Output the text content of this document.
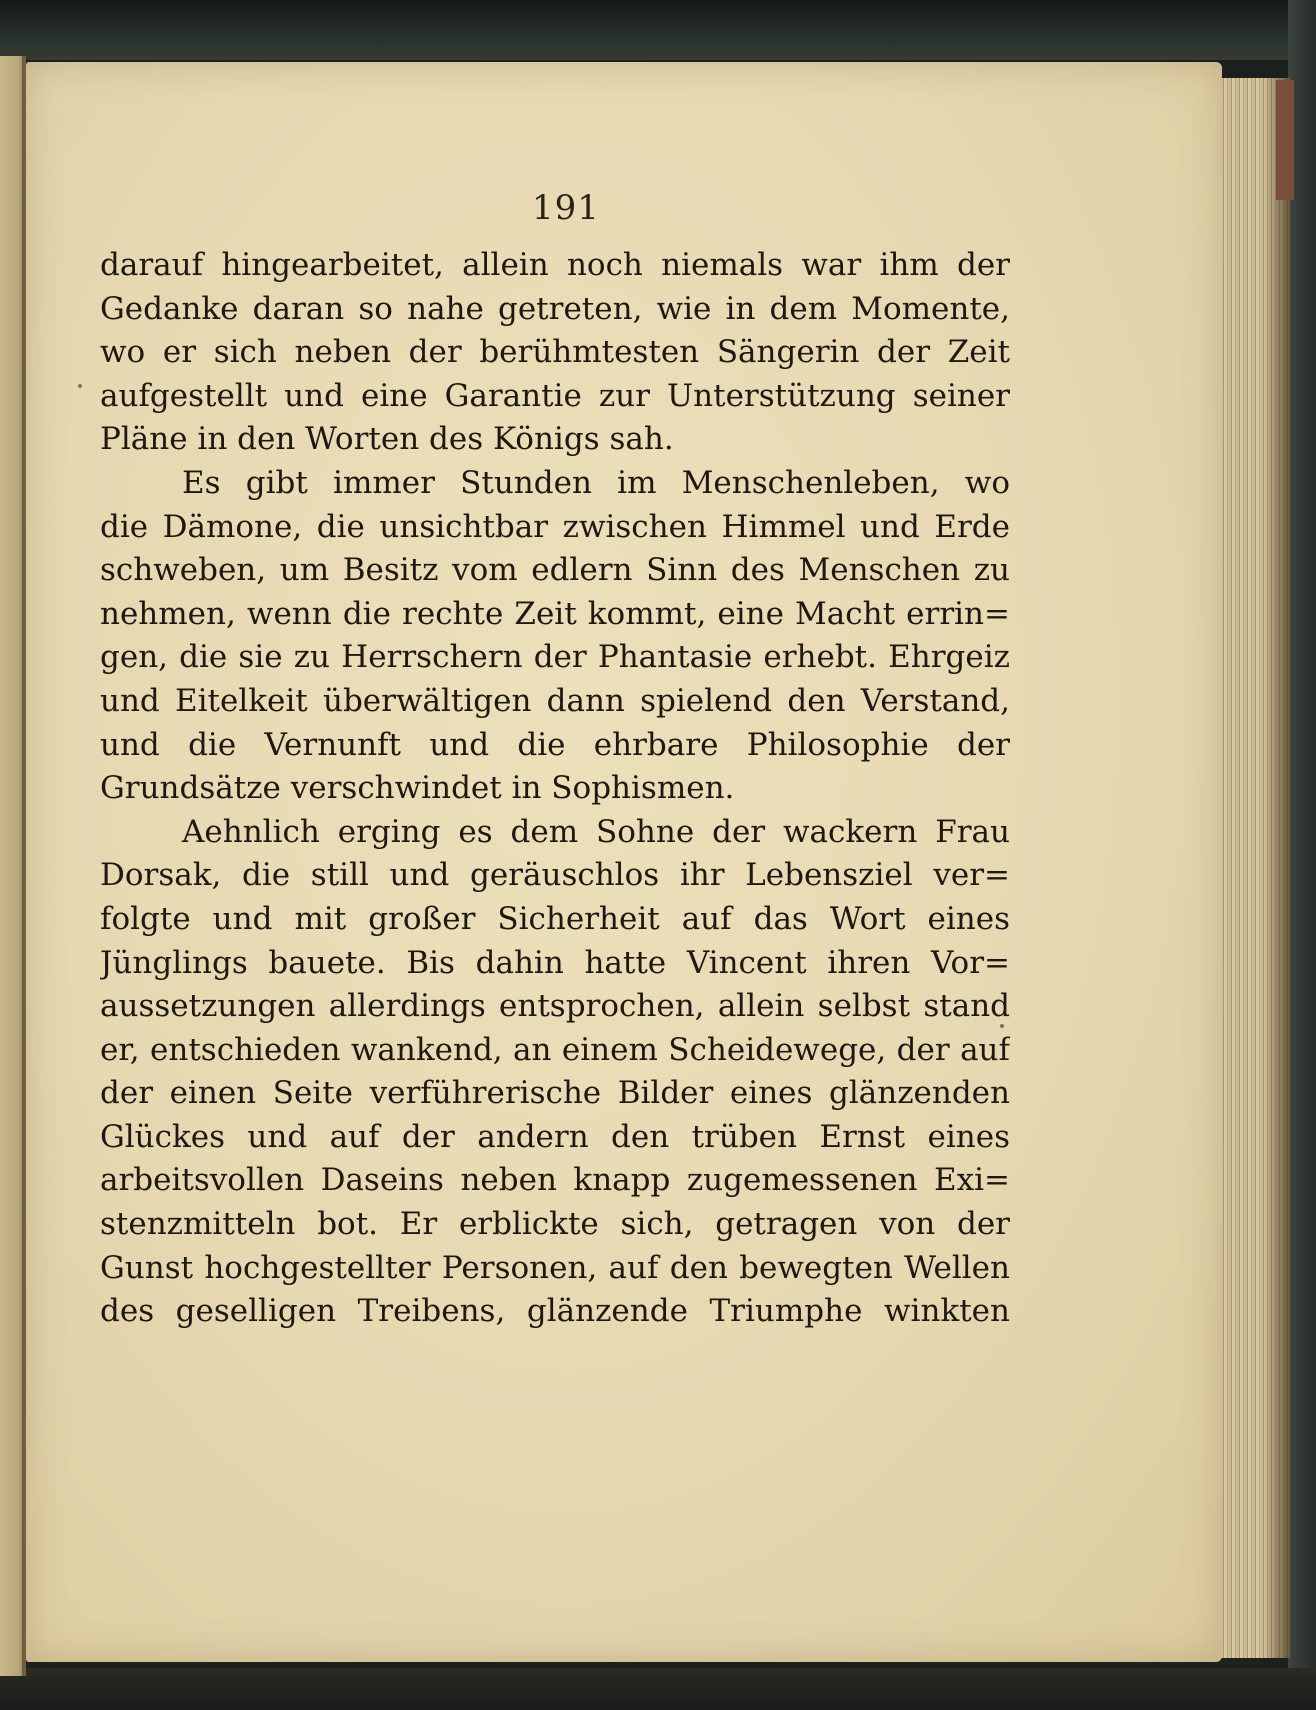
191
darauf hingearbeitet, allein noch niemals war ihm der
Gedanke daran so nahe getreten, wie in dem Momente,
wo er sich neben der berühmtesten Sängerin der Zeit
aufgestellt und eine Garantie zur Unterstützung seiner
Pläne in den Worten des Königs sah.
Es gibt immer Stunden im Menschenleben, wo
die Dämone, die unsichtbar zwischen Himmel und Erde
schweben, um Besitz vom edlern Sinn des Menschen zu
nehmen, wenn die rechte Zeit kommt, eine Macht errin=
gen, die sie zu Herrschern der Phantasie erhebt. Ehrgeiz
und Eitelkeit überwältigen dann spielend den Verstand,
und die Vernunft und die ehrbare Philosophie der
Grundsätze verschwindet in Sophismen.
Aehnlich erging es dem Sohne der wackern Frau
Dorsak, die still und geräuschlos ihr Lebensziel ver=
folgte und mit großer Sicherheit auf das Wort eines
Jünglings bauete. Bis dahin hatte Vincent ihren Vor=
aussetzungen allerdings entsprochen, allein selbst stand
er, entschieden wankend, an einem Scheidewege, der auf
der einen Seite verführerische Bilder eines glänzenden
Glückes und auf der andern den trüben Ernst eines
arbeitsvollen Daseins neben knapp zugemessenen Exi=
stenzmitteln bot. Er erblickte sich, getragen von der
Gunst hochgestellter Personen, auf den bewegten Wellen
des geselligen Treibens, glänzende Triumphe winkten
